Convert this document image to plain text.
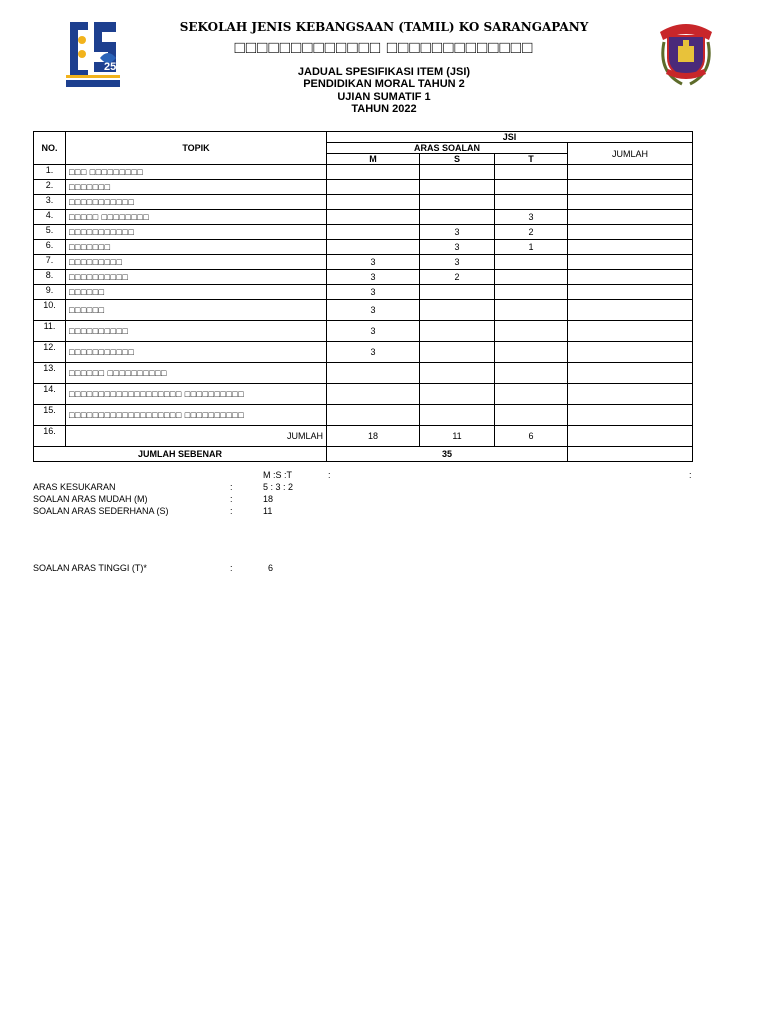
25
SEKOLAH JENIS KEBANGSAAN (TAMIL) KO SARANGAPANY
□□□□□□□□□□□□□ □□□□□□□□□□□□□
JADUAL SPESIFIKASI ITEM (JSI)
PENDIDIKAN MORAL TAHUN 2
UJIAN SUMATIF 1
TAHUN 2022
NO.	TOPIK	JSI			
		ARAS SOALAN			JUMLAH
		M	S	T	
1.	□□□ □□□□□□□□□				
2.	□□□□□□□				
3.	□□□□□□□□□□□				
4.	□□□□□ □□□□□□□□			3	
5.	□□□□□□□□□□□		3	2	
6.	□□□□□□□		3	1	
7.	□□□□□□□□□	3	3		
8.	□□□□□□□□□□	3	2		
9.	□□□□□□	3			
10.	□□□□□□	3			
11.	□□□□□□□□□□	3			
12.	□□□□□□□□□□□	3			
13.	□□□□□□ □□□□□□□□□□				
14.	□□□□□□□□□□□□□□□□□□□ □□□□□□□□□□				
15.	□□□□□□□□□□□□□□□□□□□ □□□□□□□□□□				
16.	JUMLAH	18	11	6	
JUMLAH SEBENAR		35			
M :S :T	:	:
ARAS KESUKARAN	:	5 : 3 : 2
SOALAN ARAS MUDAH (M)	:	18
SOALAN ARAS SEDERHANA (S)	:	11
SOALAN ARAS TINGGI (T)*	:	6
